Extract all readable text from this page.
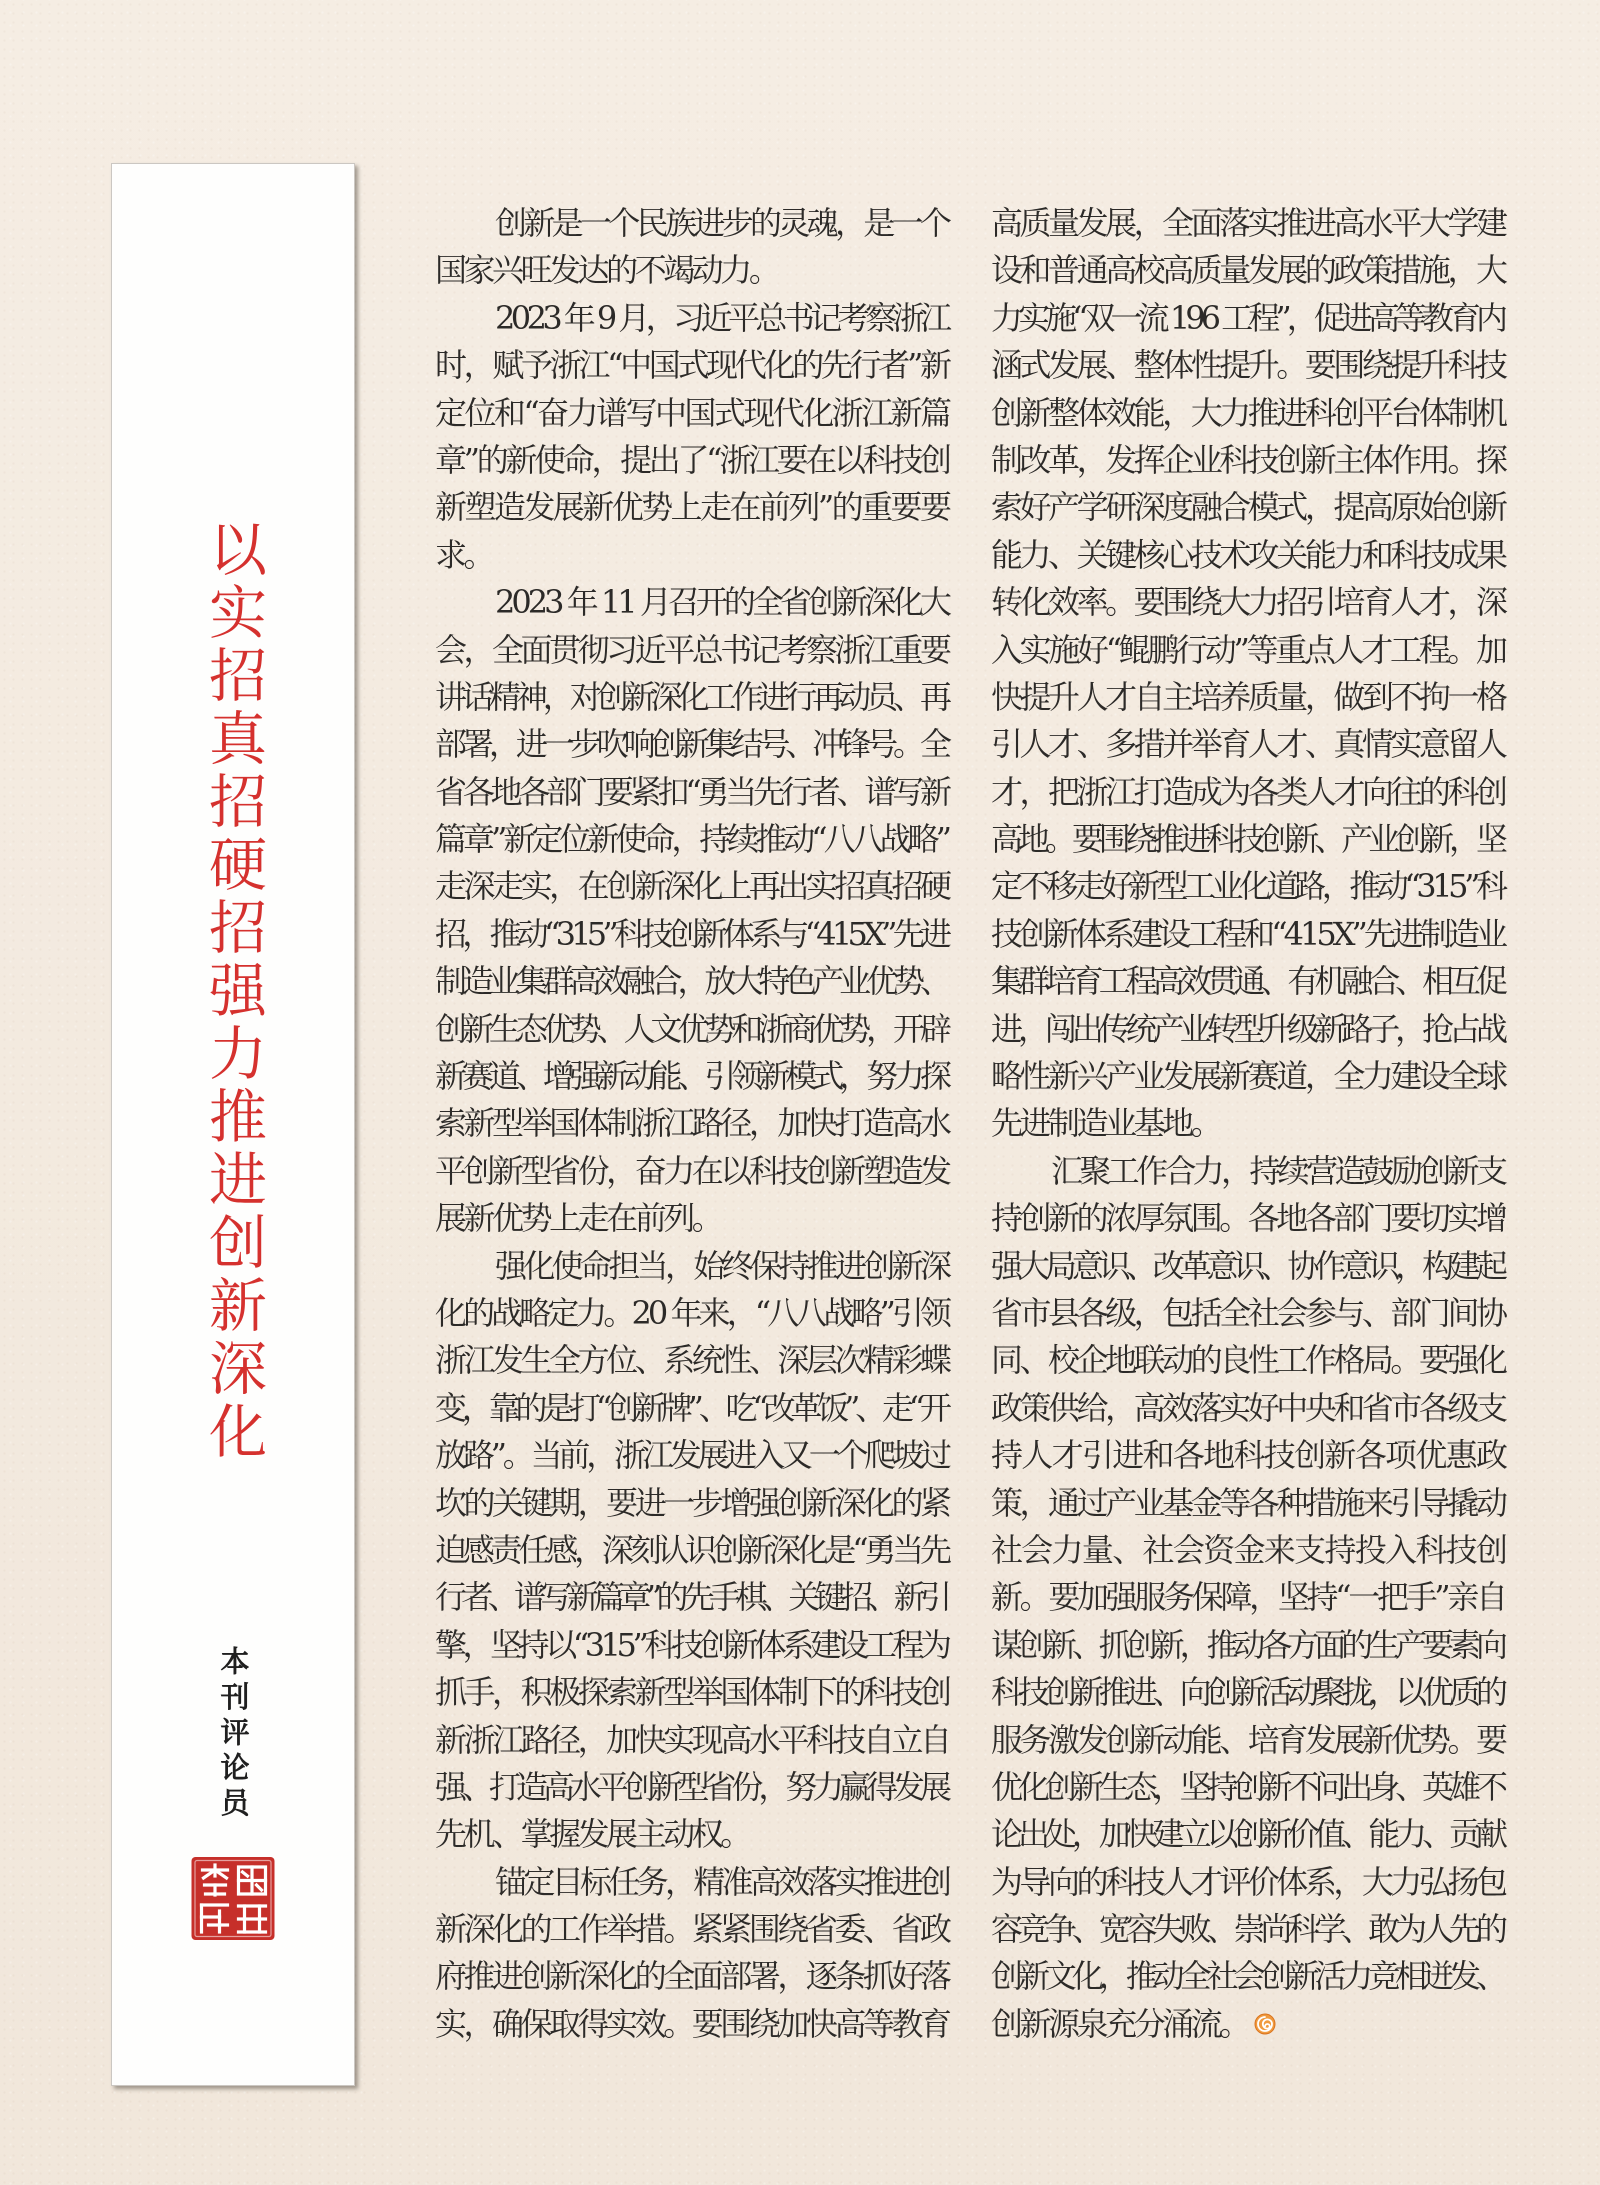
以实招真招硬招强力推进创新深化
本刊评论员
创新是一个民族进步的灵魂，是一个
国家兴旺发达的不竭动力。
2023 年 9 月，习近平总书记考察浙江
时，赋予浙江“中国式现代化的先行者”新
定位和“奋力谱写中国式现代化浙江新篇
章”的新使命，提出了“浙江要在以科技创
新塑造发展新优势上走在前列”的重要要
求。
2023 年 11 月召开的全省创新深化大
会，全面贯彻习近平总书记考察浙江重要
讲话精神，对创新深化工作进行再动员、再
部署，进一步吹响创新集结号、冲锋号。全
省各地各部门要紧扣“勇当先行者、谱写新
篇章”新定位新使命，持续推动“八八战略”
走深走实，在创新深化上再出实招真招硬
招，推动“315”科技创新体系与“415X”先进
制造业集群高效融合，放大特色产业优势、
创新生态优势、人文优势和浙商优势，开辟
新赛道、增强新动能、引领新模式，努力探
索新型举国体制浙江路径，加快打造高水
平创新型省份，奋力在以科技创新塑造发
展新优势上走在前列。
强化使命担当，始终保持推进创新深
化的战略定力。20 年来，“八八战略”引领
浙江发生全方位、系统性、深层次精彩蝶
变，靠的是打“创新牌”、吃“改革饭”、走“开
放路”。当前，浙江发展进入又一个爬坡过
坎的关键期，要进一步增强创新深化的紧
迫感责任感，深刻认识创新深化是“勇当先
行者、谱写新篇章”的先手棋、关键招、新引
擎，坚持以“315”科技创新体系建设工程为
抓手，积极探索新型举国体制下的科技创
新浙江路径，加快实现高水平科技自立自
强、打造高水平创新型省份，努力赢得发展
先机、掌握发展主动权。
锚定目标任务，精准高效落实推进创
新深化的工作举措。紧紧围绕省委、省政
府推进创新深化的全面部署，逐条抓好落
实，确保取得实效。要围绕加快高等教育
高质量发展，全面落实推进高水平大学建
设和普通高校高质量发展的政策措施，大
力实施“双一流 196 工程”，促进高等教育内
涵式发展、整体性提升。要围绕提升科技
创新整体效能，大力推进科创平台体制机
制改革，发挥企业科技创新主体作用。探
索好产学研深度融合模式，提高原始创新
能力、关键核心技术攻关能力和科技成果
转化效率。要围绕大力招引培育人才，深
入实施好“鲲鹏行动”等重点人才工程。加
快提升人才自主培养质量，做到不拘一格
引人才、多措并举育人才、真情实意留人
才，把浙江打造成为各类人才向往的科创
高地。要围绕推进科技创新、产业创新，坚
定不移走好新型工业化道路，推动“315”科
技创新体系建设工程和“415X”先进制造业
集群培育工程高效贯通、有机融合、相互促
进，闯出传统产业转型升级新路子，抢占战
略性新兴产业发展新赛道，全力建设全球
先进制造业基地。
汇聚工作合力，持续营造鼓励创新支
持创新的浓厚氛围。各地各部门要切实增
强大局意识、改革意识、协作意识，构建起
省市县各级，包括全社会参与、部门间协
同、校企地联动的良性工作格局。要强化
政策供给，高效落实好中央和省市各级支
持人才引进和各地科技创新各项优惠政
策，通过产业基金等各种措施来引导撬动
社会力量、社会资金来支持投入科技创
新。要加强服务保障，坚持“一把手”亲自
谋创新、抓创新，推动各方面的生产要素向
科技创新推进、向创新活动聚拢，以优质的
服务激发创新动能、培育发展新优势。要
优化创新生态，坚持创新不问出身、英雄不
论出处，加快建立以创新价值、能力、贡献
为导向的科技人才评价体系，大力弘扬包
容竞争、宽容失败、崇尚科学、敢为人先的
创新文化，推动全社会创新活力竞相迸发、
创新源泉充分涌流。
